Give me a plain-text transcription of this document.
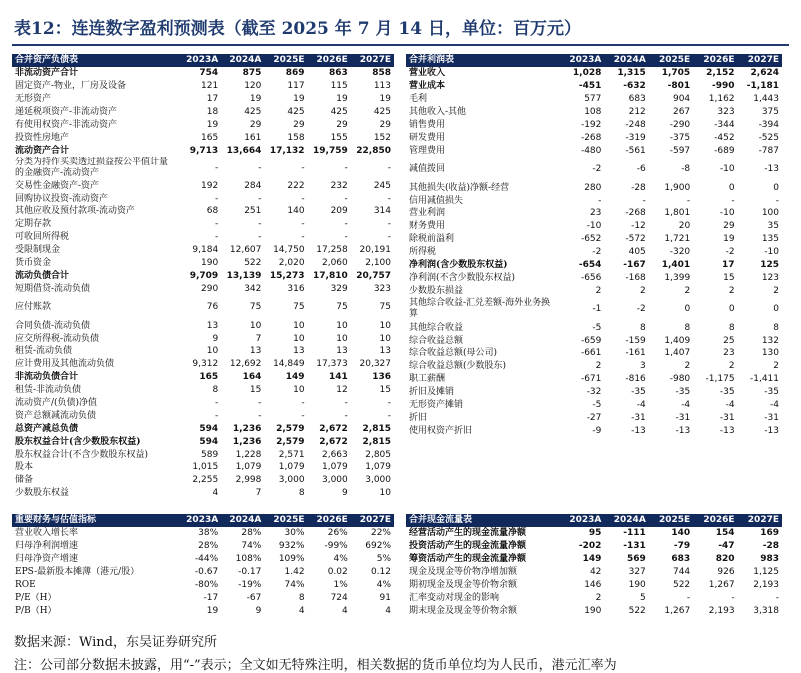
表12：连连数字盈利预测表（截至 2025 年 7 月 14 日，单位：百万元）
合并资产负债表	2023A	2024A	2025E	2026E	2027E
非流动资产合计	754	875	869	863	858
固定资产-物业，厂房及设备	121	120	117	115	113
无形资产	17	19	19	19	19
递延税项资产-非流动资产	18	425	425	425	425
有使用权资产-非流动资产	19	29	29	29	29
投资性房地产	165	161	158	155	152
流动资产合计	9,713	13,664	17,132	19,759	22,850
分类为持作买卖透过损益按公平值计量的金融资产-流动资产	-	-	-	-	-
交易性金融资产-资产	192	284	222	232	245
回购协议投资-流动资产	-	-	-	-	-
其他应收及预付款项-流动资产	68	251	140	209	314
定期存款	-	-	-	-	-
可收回所得税	-	-	-	-	-
受限制现金	9,184	12,607	14,750	17,258	20,191
货币资金	190	522	2,020	2,060	2,100
流动负债合计	9,709	13,139	15,273	17,810	20,757
短期借贷-流动负债	290	342	316	329	323
应付账款	76	75	75	75	75
合同负债-流动负债	13	10	10	10	10
应交所得税-流动负债	9	7	10	10	10
租赁-流动负债	10	13	13	13	13
应计费用及其他流动负债	9,312	12,692	14,849	17,373	20,327
非流动负债合计	165	164	149	141	136
租赁-非流动负债	8	15	10	12	15
流动资产/(负债)净值	-	-	-	-	-
资产总额减流动负债	-	-	-	-	-
总资产减总负债	594	1,236	2,579	2,672	2,815
股东权益合计(含少数股东权益)	594	1,236	2,579	2,672	2,815
股东权益合计(不含少数股东权益)	589	1,228	2,571	2,663	2,805
股本	1,015	1,079	1,079	1,079	1,079
储备	2,255	2,998	3,000	3,000	3,000
少数股东权益	4	7	8	9	10
合并利润表	2023A	2024A	2025E	2026E	2027E
营业收入	1,028	1,315	1,705	2,152	2,624
营业成本	-451	-632	-801	-990	-1,181
毛利	577	683	904	1,162	1,443
其他收入-其他	108	212	267	323	375
销售费用	-192	-248	-290	-344	-394
研发费用	-268	-319	-375	-452	-525
管理费用	-480	-561	-597	-689	-787
减值拨回	-2	-6	-8	-10	-13
其他损失(收益)净额-经营	280	-28	1,900	0	0
信用减值损失	-	-	-	-	-
营业利润	23	-268	1,801	-10	100
财务费用	-10	-12	20	29	35
除税前溢利	-652	-572	1,721	19	135
所得税	-2	405	-320	-2	-10
净利润(含少数股东权益)	-654	-167	1,401	17	125
净利润(不含少数股东权益)	-656	-168	1,399	15	123
少数股东损益	2	2	2	2	2
其他综合收益-汇兑差额-海外业务换算	-1	-2	0	0	0
其他综合收益	-5	8	8	8	8
综合收益总额	-659	-159	1,409	25	132
综合收益总额(母公司)	-661	-161	1,407	23	130
综合收益总额(少数股东)	2	3	2	2	2
职工薪酬	-671	-816	-980	-1,175	-1,411
折旧及摊销	-32	-35	-35	-35	-35
无形资产摊销	-5	-4	-4	-4	-4
折旧	-27	-31	-31	-31	-31
使用权资产折旧	-9	-13	-13	-13	-13
重要财务与估值指标	2023A	2024A	2025E	2026E	2027E
营业收入增长率	38%	28%	30%	26%	22%
归母净利润增速	28%	74%	932%	-99%	692%
归母净资产增速	-44%	108%	109%	4%	5%
EPS-最新股本摊薄（港元/股）	-0.67	-0.17	1.42	0.02	0.12
ROE	-80%	-19%	74%	1%	4%
P/E（H）	-17	-67	8	724	91
P/B（H）	19	9	4	4	4
合并现金流量表	2023A	2024A	2025E	2026E	2027E
经营活动产生的现金流量净额	95	-111	140	154	169
投资活动产生的现金流量净额	-202	-131	-79	-47	-28
筹资活动产生的现金流量净额	149	569	683	820	983
现金及现金等价物净增加额	42	327	744	926	1,125
期初现金及现金等价物余额	146	190	522	1,267	2,193
汇率变动对现金的影响	2	5	-	-	-
期末现金及现金等价物余额	190	522	1,267	2,193	3,318
数据来源：Wind，东吴证券研究所
注：公司部分数据未披露，用“-”表示；全文如无特殊注明，相关数据的货币单位均为人民币，港元汇率为
